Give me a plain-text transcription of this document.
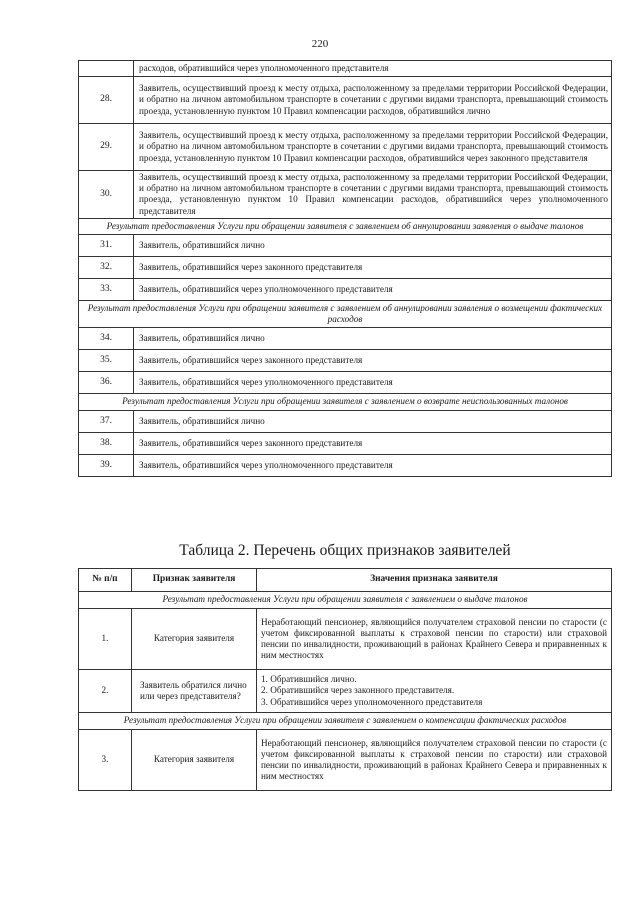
220
	расходов, обратившийся через уполномоченного представителя
28.	Заявитель, осуществивший проезд к месту отдыха, расположенному за пределами территории Российской Федерации, и обратно на личном автомобильном транспорте в сочетании с другими видами транспорта, превышающий стоимость проезда, установленную пунктом 10 Правил компенсации расходов, обратившийся лично
29.	Заявитель, осуществивший проезд к месту отдыха, расположенному за пределами территории Российской Федерации, и обратно на личном автомобильном транспорте в сочетании с другими видами транспорта, превышающий стоимость проезда, установленную пунктом 10 Правил компенсации расходов, обратившийся через законного представителя
30.	Заявитель, осуществивший проезд к месту отдыха, расположенному за пределами территории Российской Федерации, и обратно на личном автомобильном транспорте в сочетании с другими видами транспорта, превышающий стоимость проезда, установленную пунктом 10 Правил компенсации расходов, обратившийся через уполномоченного представителя
Результат предоставления Услуги при обращении заявителя с заявлением об аннулировании заявления о выдаче талонов	
31.	Заявитель, обратившийся лично
32.	Заявитель, обратившийся через законного представителя
33.	Заявитель, обратившийся через уполномоченного представителя
Результат предоставления Услуги при обращении заявителя с заявлением об аннулировании заявления о возмещении фактических расходов	
34.	Заявитель, обратившийся лично
35.	Заявитель, обратившийся через законного представителя
36.	Заявитель, обратившийся через уполномоченного представителя
Результат предоставления Услуги при обращении заявителя с заявлением о возврате неиспользованных талонов	
37.	Заявитель, обратившийся лично
38.	Заявитель, обратившийся через законного представителя
39.	Заявитель, обратившийся через уполномоченного представителя
Таблица 2. Перечень общих признаков заявителей
№ п/п	Признак заявителя	Значения признака заявителя
Результат предоставления Услуги при обращении заявителя с заявлением о выдаче талонов		
1.	Категория заявителя	Неработающий пенсионер, являющийся получателем страховой пенсии по старости (с учетом фиксированной выплаты к страховой пенсии по старости) или страховой пенсии по инвалидности, проживающий в районах Крайнего Севера и приравненных к ним местностях
2.	Заявитель обратился лично или через представителя?	1. Обратившийся лично.
2. Обратившийся через законного представителя.
3. Обратившийся через уполномоченного представителя

Результат предоставления Услуги при обращении заявителя с заявлением о компенсации фактических расходов		
3.	Категория заявителя	Неработающий пенсионер, являющийся получателем страховой пенсии по старости (с учетом фиксированной выплаты к страховой пенсии по старости) или страховой пенсии по инвалидности, проживающий в районах Крайнего Севера и приравненных к ним местностях
